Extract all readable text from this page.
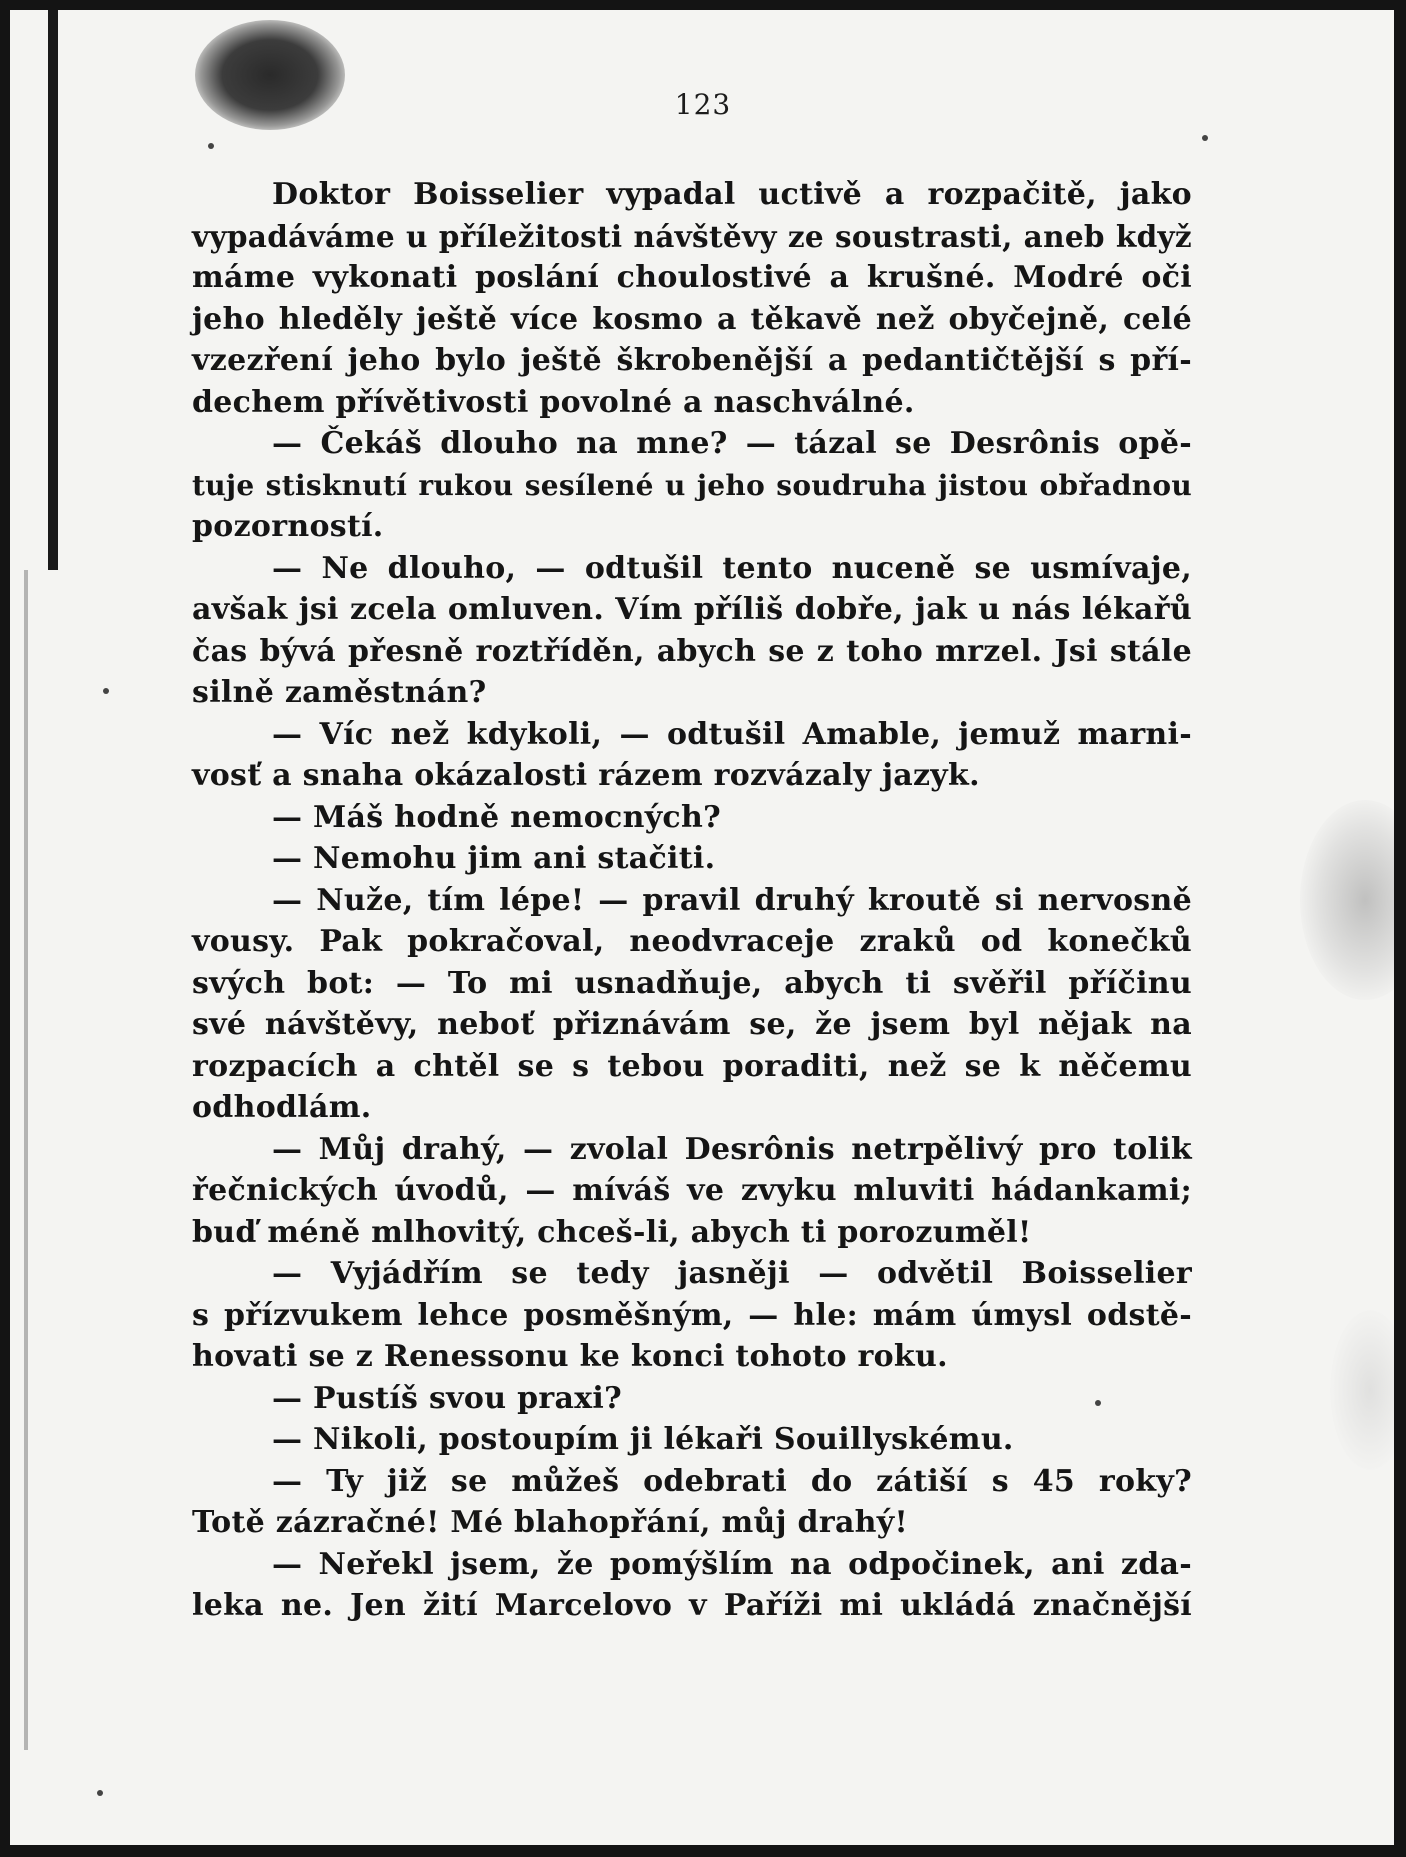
123
Doktor Boisselier vypadal uctivě a rozpačitě, jako
vypadáváme u příležitosti návštěvy ze soustrasti, aneb když
máme vykonati poslání choulostivé a krušné. Modré oči
jeho hleděly ještě více kosmo a těkavě než obyčejně, celé
vzezření jeho bylo ještě škrobenější a pedantičtější s pří-
dechem přívětivosti povolné a naschválné.
— Čekáš dlouho na mne? — tázal se Desrônis opě-
tuje stisknutí rukou sesílené u jeho soudruha jistou obřadnou
pozorností.
— Ne dlouho, — odtušil tento nuceně se usmívaje,
avšak jsi zcela omluven. Vím příliš dobře, jak u nás lékařů
čas bývá přesně roztříděn, abych se z toho mrzel. Jsi stále
silně zaměstnán?
— Víc než kdykoli, — odtušil Amable, jemuž marni-
vosť a snaha okázalosti rázem rozvázaly jazyk.
— Máš hodně nemocných?
— Nemohu jim ani stačiti.
— Nuže, tím lépe! — pravil druhý kroutě si nervosně
vousy. Pak pokračoval, neodvraceje zraků od konečků
svých bot: — To mi usnadňuje, abych ti svěřil příčinu
své návštěvy, neboť přiznávám se, že jsem byl nějak na
rozpacích a chtěl se s tebou poraditi, než se k něčemu
odhodlám.
— Můj drahý, — zvolal Desrônis netrpělivý pro tolik
řečnických úvodů, — míváš ve zvyku mluviti hádankami;
buď méně mlhovitý, chceš-li, abych ti porozuměl!
— Vyjádřím se tedy jasněji — odvětil Boisselier
s přízvukem lehce posměšným, — hle: mám úmysl odstě-
hovati se z Renessonu ke konci tohoto roku.
— Pustíš svou praxi?
— Nikoli, postoupím ji lékaři Souillyskému.
— Ty již se můžeš odebrati do zátiší s 45 roky?
Totě zázračné! Mé blahopřání, můj drahý!
— Neřekl jsem, že pomýšlím na odpočinek, ani zda-
leka ne. Jen žití Marcelovo v Paříži mi ukládá značnější
